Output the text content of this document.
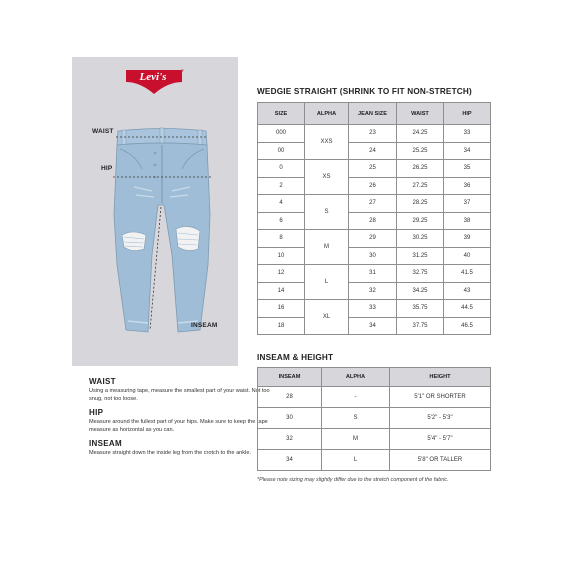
Levi's
®
WAIST
HIP
INSEAM
WAIST

Using a measuring tape, measure the smallest part of your waist. Not too snug, not too loose.

HIP

Measure around the fullest part of your hips. Make sure to keep the tape measure as horizontal as you can.

INSEAM

Measure straight down the inside leg from the crotch to the ankle.

WEDGIE STRAIGHT (SHRINK TO FIT NON-STRETCH)
SIZE	ALPHA	JEAN SIZE	WAIST	HIP
000	XXS	23	24.25	33
00		24	25.25	34
0	XS	25	26.25	35
2		26	27.25	36
4	S	27	28.25	37
6		28	29.25	38
8	M	29	30.25	39
10		30	31.25	40
12	L	31	32.75	41.5
14		32	34.25	43
16	XL	33	35.75	44.5
18		34	37.75	46.5
INSEAM & HEIGHT
INSEAM	ALPHA	HEIGHT
28	-	5'1" OR SHORTER
30	S	5'2" - 5'3"
32	M	5'4" - 5'7"
34	L	5'8" OR TALLER
*Please note sizing may slightly differ due to the stretch component of the fabric.
